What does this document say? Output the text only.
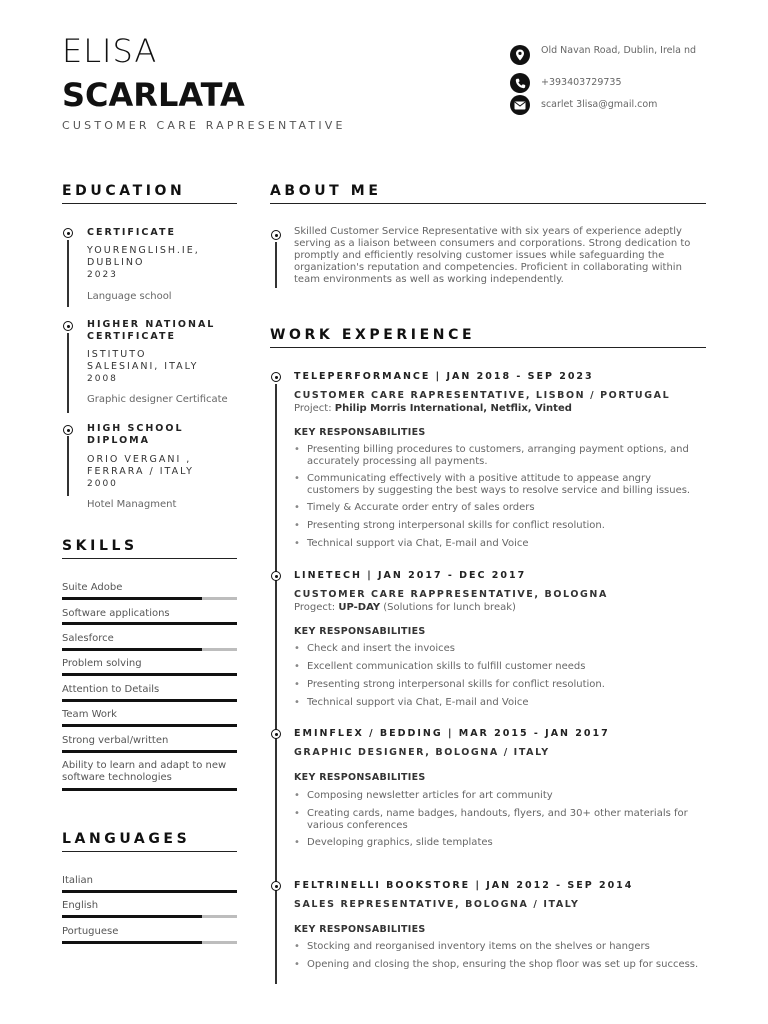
ELISA
SCARLATA
CUSTOMER CARE RAPRESENTATIVE
Old Navan Road, Dublin, Irela nd
+393403729735
scarlet 3lisa@gmail.com
EDUCATION
CERTIFICATE
YOURENGLISH.IE, DUBLINO
2023
Language school
HIGHER NATIONAL CERTIFICATE
ISTITUTO SALESIANI, ITALY
2008
Graphic designer Certificate
HIGH SCHOOL DIPLOMA
ORIO VERGANI , FERRARA / ITALY
2000
Hotel Managment
SKILLS
Suite Adobe
Software applications
Salesforce
Problem solving
Attention to Details
Team Work
Strong verbal/written
Ability to learn and adapt to new software technologies
LANGUAGES
Italian
English
Portuguese
ABOUT ME
Skilled Customer Service Representative with six years of experience adeptly serving as a liaison between consumers and corporations. Strong dedication to promptly and efficiently resolving customer issues while safeguarding the organization's reputation and competencies. Proficient in collaborating within team environments as well as working independently.
WORK EXPERIENCE
TELEPERFORMANCE | JAN 2018 - SEP 2023
CUSTOMER CARE RAPRESENTATIVE, LISBON / PORTUGAL
Project: Philip Morris International, Netflix, Vinted
KEY RESPONSABILITIES
• Presenting billing procedures to customers, arranging payment options, and accurately processing all payments.
• Communicating effectively with a positive attitude to appease angry customers by suggesting the best ways to resolve service and billing issues.
• Timely & Accurate order entry of sales orders
• Presenting strong interpersonal skills for conflict resolution.
• Technical support via Chat, E-mail and Voice
LINETECH | JAN 2017 - DEC 2017
CUSTOMER CARE RAPPRESENTATIVE, BOLOGNA
Progect: UP-DAY (Solutions for lunch break)
KEY RESPONSABILITIES
• Check and insert the invoices
• Excellent communication skills to fulfill customer needs
• Presenting strong interpersonal skills for conflict resolution.
• Technical support via Chat, E-mail and Voice
EMINFLEX / BEDDING | MAR 2015 - JAN 2017
GRAPHIC DESIGNER, BOLOGNA / ITALY
KEY RESPONSABILITIES
• Composing newsletter articles for art community
• Creating cards, name badges, handouts, flyers, and 30+ other materials for various conferences
• Developing graphics, slide templates
FELTRINELLI BOOKSTORE | JAN 2012 - SEP 2014
SALES REPRESENTATIVE, BOLOGNA / ITALY
KEY RESPONSABILITIES
• Stocking and reorganised inventory items on the shelves or hangers
• Opening and closing the shop, ensuring the shop floor was set up for success.
